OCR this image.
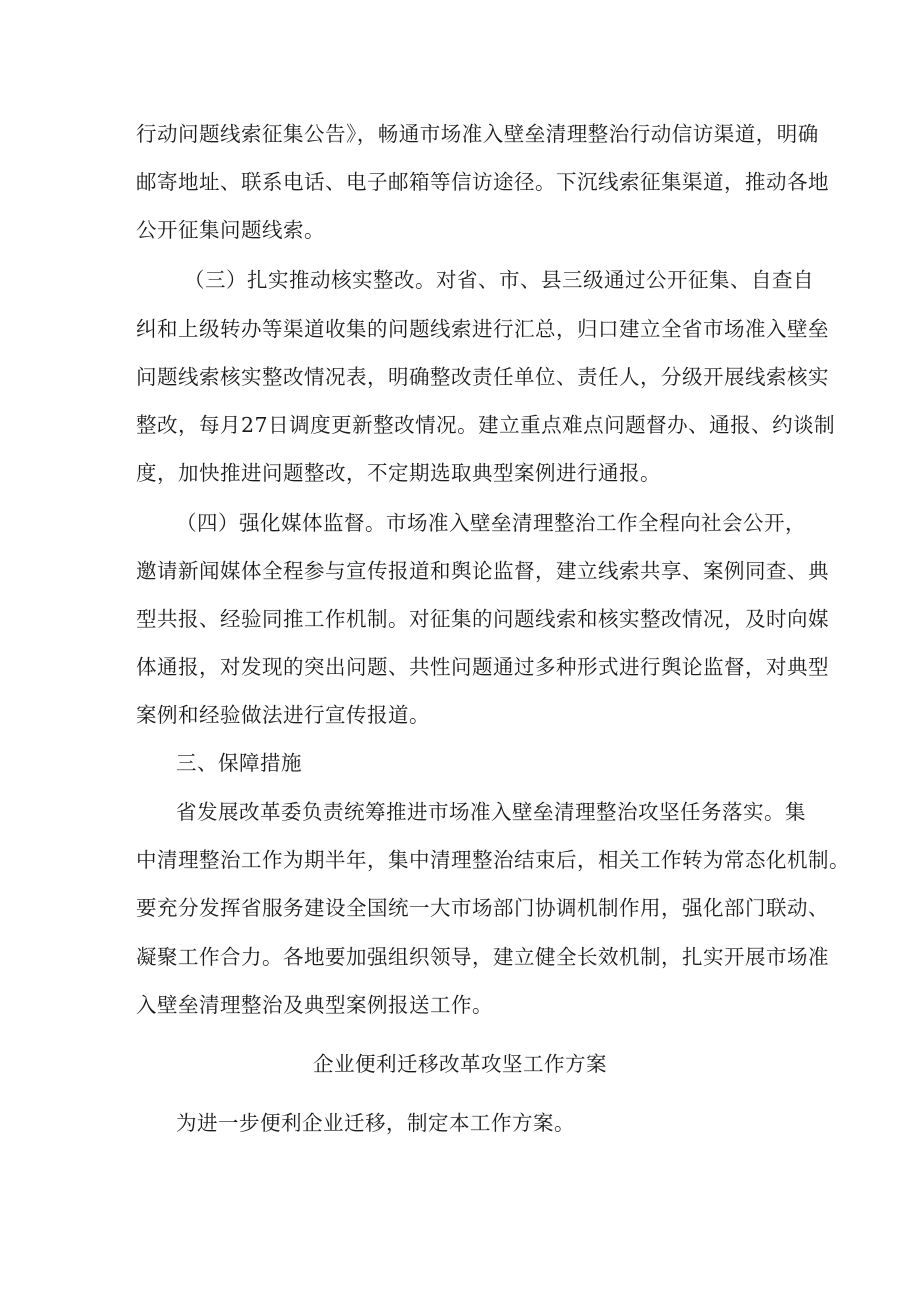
行动问题线索征集公告》，畅通市场准入壁垒清理整治行动信访渠道，明确
邮寄地址、联系电话、电子邮箱等信访途径。下沉线索征集渠道，推动各地
公开征集问题线索。
（三）扎实推动核实整改。对省、市、县三级通过公开征集、自查自
纠和上级转办等渠道收集的问题线索进行汇总，归口建立全省市场准入壁垒
问题线索核实整改情况表，明确整改责任单位、责任人，分级开展线索核实
整改，每月27日调度更新整改情况。建立重点难点问题督办、通报、约谈制
度，加快推进问题整改，不定期选取典型案例进行通报。
（四）强化媒体监督。市场准入壁垒清理整治工作全程向社会公开，
邀请新闻媒体全程参与宣传报道和舆论监督，建立线索共享、案例同查、典
型共报、经验同推工作机制。对征集的问题线索和核实整改情况，及时向媒
体通报，对发现的突出问题、共性问题通过多种形式进行舆论监督，对典型
案例和经验做法进行宣传报道。
三、保障措施
省发展改革委负责统筹推进市场准入壁垒清理整治攻坚任务落实。集
中清理整治工作为期半年，集中清理整治结束后，相关工作转为常态化机制。
要充分发挥省服务建设全国统一大市场部门协调机制作用，强化部门联动、
凝聚工作合力。各地要加强组织领导，建立健全长效机制，扎实开展市场准
入壁垒清理整治及典型案例报送工作。
企业便利迁移改革攻坚工作方案
为进一步便利企业迁移，制定本工作方案。
